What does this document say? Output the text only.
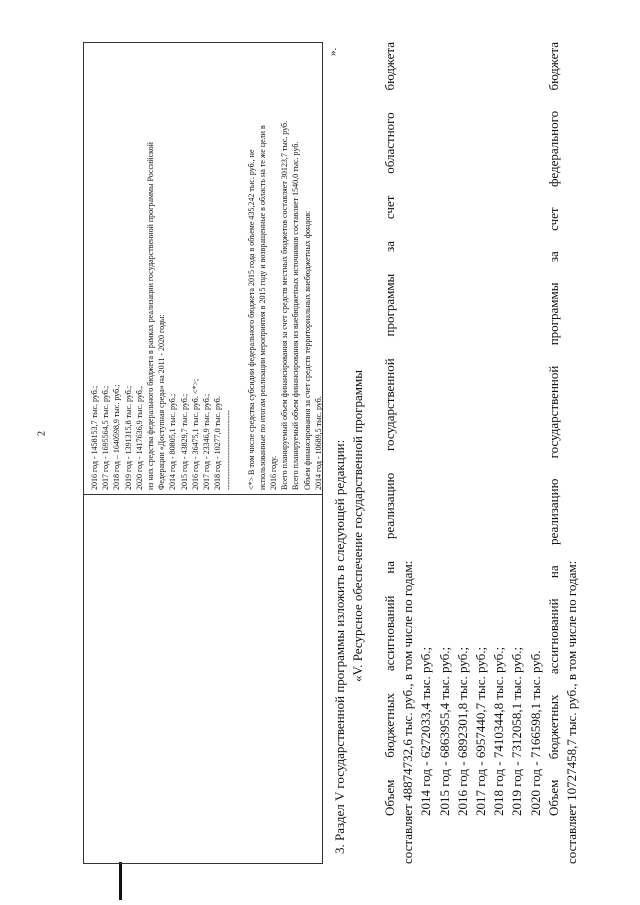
2	2016 год - 1458153,7 тыс. руб.; 2017 год - 1695564,5 тыс. руб.; 2018 год – 1640598,9 тыс. руб.; 2019 год - 1391315,8 тыс. руб.; 2020 год - 1417636,9 тыс. руб., из них средства федерального бюджета в рамках реализации государственной программы Российской Федерации «Доступная среда» на 2011 - 2020 годы: 2014 год - 80805,1 тыс. руб.; 2015 год - 43829,7 тыс. руб.; 2016 год - 36475,1 тыс. руб. <*>; 2017 год - 23346,9 тыс. руб.; 2018 год - 10277,0 тыс. руб. ------------------------------ <*> В том числе средства субсидии федерального бюджета 2015 года в объеме 435,242 тыс. руб., не использованные по итогам реализации мероприятия в 2015 году и возвращенные в область на те же цели в 2016 году. Всего планируемый объем финансирования за счет средств местных бюджетов составляет 30123,7 тыс. руб. Всего планируемый объем финансирования из внебюджетных источников составляет 1540,0 тыс. руб. Объем финансирования за счет средств территориальных внебюджетных фондов: 2014 год - 10689,5 тыс. руб.
».
3. Раздел V государственной программы изложить в следующей редакции: «V. Ресурсное обеспечение государственной программы Объем бюджетных ассигнований на реализацию государственной программы за счет областного бюджета составляет 48874732,6 тыс. руб., в том числе по годам: 2014 год - 6272033,4 тыс. руб.; 2015 год - 6863955,4 тыс. руб.; 2016 год - 6892301,8 тыс. руб.; 2017 год - 6957440,7 тыс. руб.; 2018 год - 7410344,8 тыс. руб.; 2019 год - 7312058,1 тыс. руб.; 2020 год - 7166598,1 тыс. руб. Объем бюджетных ассигнований на реализацию государственной программы за счет федерального бюджета составляет 10727458,7 тыс. руб., в том числе по годам:
